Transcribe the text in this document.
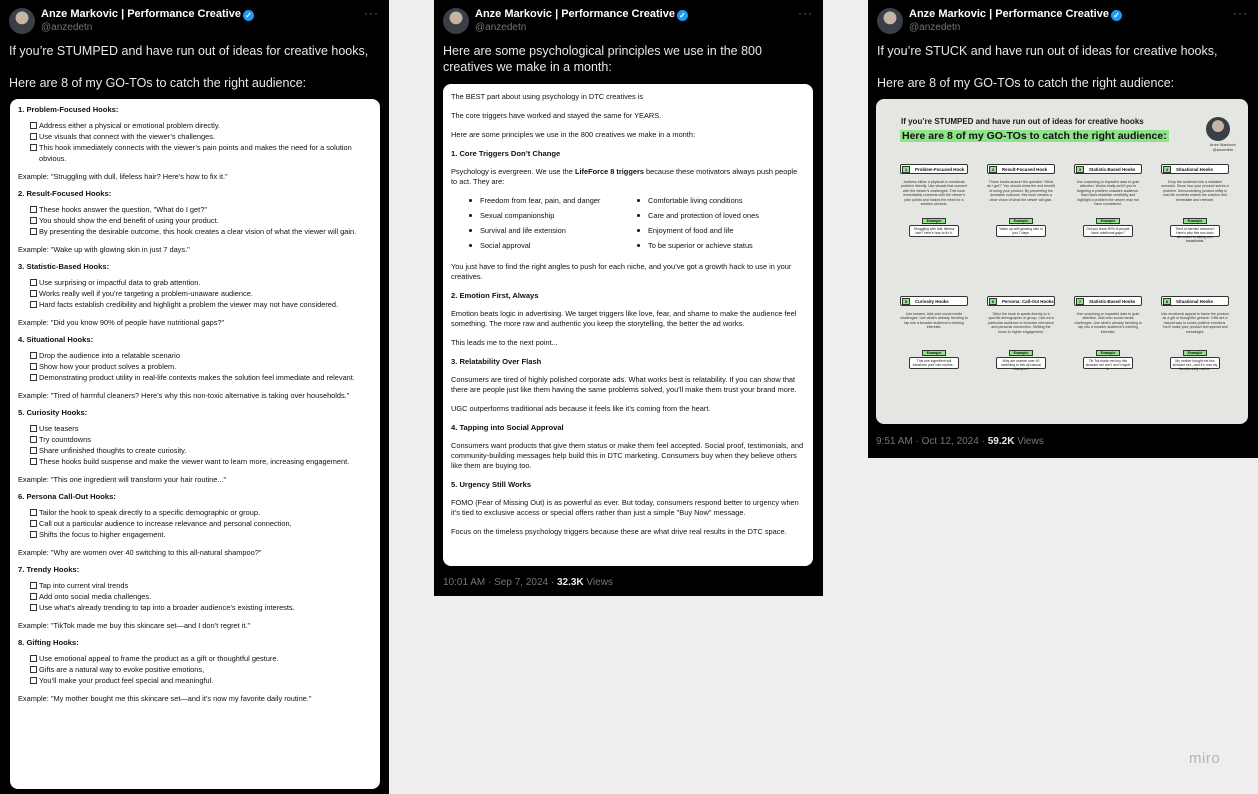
Anze Markovic | Performance Creative ✓
@anzedetn
···

If you’re STUMPED and have run out of ideas for creative hooks,

Here are 8 of my GO-TOs to catch the right audience:

1. Problem-Focused Hooks:
Address either a physical or emotional problem directly.
Use visuals that connect with the viewer’s challenges.
This hook immediately connects with the viewer’s pain points and makes the need for a solution obvious.
Example: "Struggling with dull, lifeless hair? Here’s how to fix it."
2. Result-Focused Hooks:
These hooks answer the question, "What do I get?"
You should show the end benefit of using your product.
By presenting the desirable outcome, this hook creates a clear vision of what the viewer will gain.
Example: "Wake up with glowing skin in just 7 days."
3. Statistic-Based Hooks:
Use surprising or impactful data to grab attention.
Works really well if you’re targeting a problem-unaware audience.
Hard facts establish credibility and highlight a problem the viewer may not have considered.
Example: "Did you know 90% of people have nutritional gaps?"
4. Situational Hooks:
Drop the audience into a relatable scenario
Show how your product solves a problem.
Demonstrating product utility in real-life contexts makes the solution feel immediate and relevant.
Example: "Tired of harmful cleaners? Here’s why this non-toxic alternative is taking over households."
5. Curiosity Hooks:
Use teasers
Try countdowns
Share unfinished thoughts to create curiosity.
These hooks build suspense and make the viewer want to learn more, increasing engagement.
Example: "This one ingredient will transform your hair routine..."
6. Persona Call-Out Hooks:
Tailor the hook to speak directly to a specific demographic or group.
Call out a particular audience to increase relevance and personal connection,
Shifts the focus to higher engagement.
Example: "Why are women over 40 switching to this all-natural shampoo?"
7. Trendy Hooks:
Tap into current viral trends
Add onto social media challenges.
Use what’s already trending to tap into a broader audience’s existing interests.
Example: "TikTok made me buy this skincare set—and I don’t regret it."
8. Gifting Hooks:
Use emotional appeal to frame the product as a gift or thoughtful gesture.
Gifts are a natural way to evoke positive emotions,
You’ll make your product feel special and meaningful.
Example: "My mother bought me this skincare set—and it’s now my favorite daily routine."
Anze Markovic | Performance Creative ✓
@anzedetn
···

Here are some psychological principles we use in the 800 creatives we make in a month:

The BEST part about using psychology in DTC creatives is
The core triggers have worked and stayed the same for YEARS.
Here are some principles we use in the 800 creatives we make in a month:
1. Core Triggers Don’t Change
Psychology is evergreen. We use the LifeForce 8 triggers because these motivators always push people to act. They are:
Freedom from fear, pain, and danger	Comfortable living conditions
Sexual companionship	Care and protection of loved ones
Survival and life extension	Enjoyment of food and life
Social approval	To be superior or achieve status
You just have to find the right angles to push for each niche, and you’ve got a growth hack to use in your creatives.
2. Emotion First, Always
Emotion beats logic in advertising. We target triggers like love, fear, and shame to make the audience feel something. The more raw and authentic you keep the storytelling, the better the ad works.
This leads me to the next point...
3. Relatability Over Flash
Consumers are tired of highly polished corporate ads. What works best is relatability. If you can show that there are people just like them having the same problems solved, you’ll make them trust your brand more.
UGC outperforms traditional ads because it feels like it’s coming from the heart.
4. Tapping into Social Approval
Consumers want products that give them status or make them feel accepted. Social proof, testimonials, and community-building messages help build this in DTC marketing. Consumers buy when they believe others like them are buying too.
5. Urgency Still Works
FOMO (Fear of Missing Out) is as powerful as ever. But today, consumers respond better to urgency when it’s tied to exclusive access or special offers rather than just a simple "Buy Now" message.
Focus on the timeless psychology triggers because these are what drive real results in the DTC space.
10:01 AM · Sep 7, 2024 · 32.3K Views
Anze Markovic | Performance Creative ✓
@anzedetn
···

If you’re STUCK and have run out of ideas for creative hooks,

Here are 8 of my GO-TOs to catch the right audience:

If you’re STUMPED and have run out of ideas for creative hooks
Here are 8 of my GO-TOs to catch the right audience:
Anze Markovic
@anzedetn
1	Problem-Focused Hook
Address either a physical or emotional problem directly. Use visuals that connect with the viewer’s challenges. This hook immediately connects with the viewer’s pain points and makes the need for a solution obvious.
Example
Struggling with dull, lifeless hair? Here’s how to fix it.
2	Result-Focused Hook
These hooks answer the question "What do I get?" You should show the end benefit of using your product. By presenting the desirable outcome, this hook creates a clear vision of what the viewer will gain.
Example
Wake up with glowing skin in just 7 days.
3	Statistic-Based Hooks
Use surprising or impactful data to grab attention. Works really well if you’re targeting a problem unaware audience. Hard facts establish credibility and highlight a problem the viewer may not have considered.
Example
Did you know 90% of people have nutritional gaps?
4	Situational Hooks
Drop the audience into a relatable scenario. Show how your product solves a problem. Demonstrating product utility in real-life contexts makes the solution feel immediate and relevant.
Example
Tired of harmful cleaners? Here’s why this non-toxic alternative is taking over households.
5	Curiosity Hooks
Use teasers. Add onto social media challenges. Use what’s already trending to tap into a broader audience’s existing interests.
Example
This one ingredient will transform your hair routine...
6	Persona: Call-Out Hooks
Tailor the hook to speak directly to a specific demographic or group. Call out a particular audience to increase relevance and personal connection. Shifting the focus to higher engagement.
Example
Why are women over 40 switching to this all-natural shampoo?
7	Statistic-Based Hooks
Use surprising or impactful data to grab attention. Add onto social media challenges. Use what’s already trending to tap into a broader audience’s existing interests.
Example
Tik Tok made me buy this skincare set and I don’t regret it.
8	Situational Hooks
Use emotional appeal to frame the product as a gift or thoughtful gesture. Gifts are a natural way to evoke positive emotions. You’ll make your product feel special and meaningful.
Example
My mother bought me this skincare set—and it’s now my favorite daily routine.
9:51 AM · Oct 12, 2024 · 59.2K Views
miro
